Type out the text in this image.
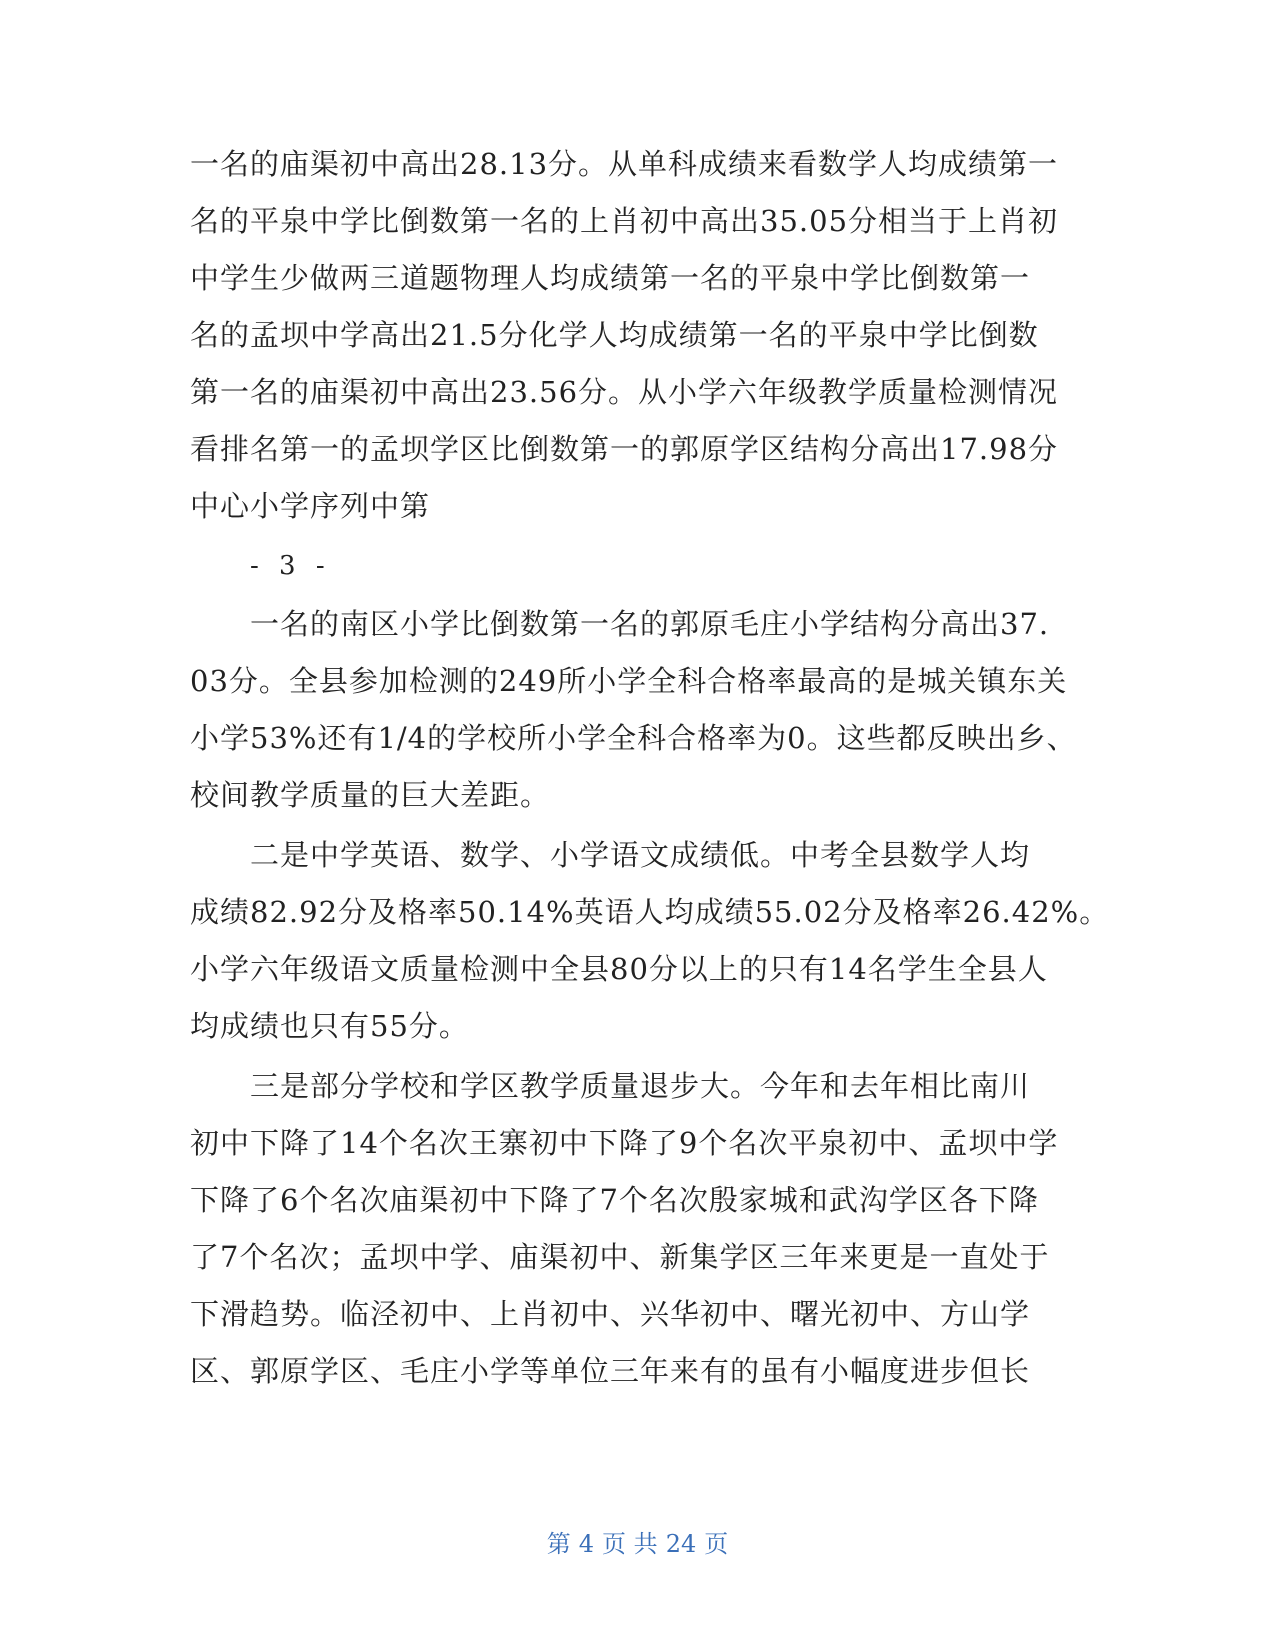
一名的庙渠初中高出28.13分。从单科成绩来看数学人均成绩第一
名的平泉中学比倒数第一名的上肖初中高出35.05分相当于上肖初
中学生少做两三道题物理人均成绩第一名的平泉中学比倒数第一
名的孟坝中学高出21.5分化学人均成绩第一名的平泉中学比倒数
第一名的庙渠初中高出23.56分。从小学六年级教学质量检测情况
看排名第一的孟坝学区比倒数第一的郭原学区结构分高出17.98分
中心小学序列中第
- 3 -
一名的南区小学比倒数第一名的郭原毛庄小学结构分高出37.
03分。全县参加检测的249所小学全科合格率最高的是城关镇东关
小学53%还有1/4的学校所小学全科合格率为0。这些都反映出乡、
校间教学质量的巨大差距。
二是中学英语、数学、小学语文成绩低。中考全县数学人均
成绩82.92分及格率50.14%英语人均成绩55.02分及格率26.42%。
小学六年级语文质量检测中全县80分以上的只有14名学生全县人
均成绩也只有55分。
三是部分学校和学区教学质量退步大。今年和去年相比南川
初中下降了14个名次王寨初中下降了9个名次平泉初中、孟坝中学
下降了6个名次庙渠初中下降了7个名次殷家城和武沟学区各下降
了7个名次；孟坝中学、庙渠初中、新集学区三年来更是一直处于
下滑趋势。临泾初中、上肖初中、兴华初中、曙光初中、方山学
区、郭原学区、毛庄小学等单位三年来有的虽有小幅度进步但长
第 4 页 共 24 页
